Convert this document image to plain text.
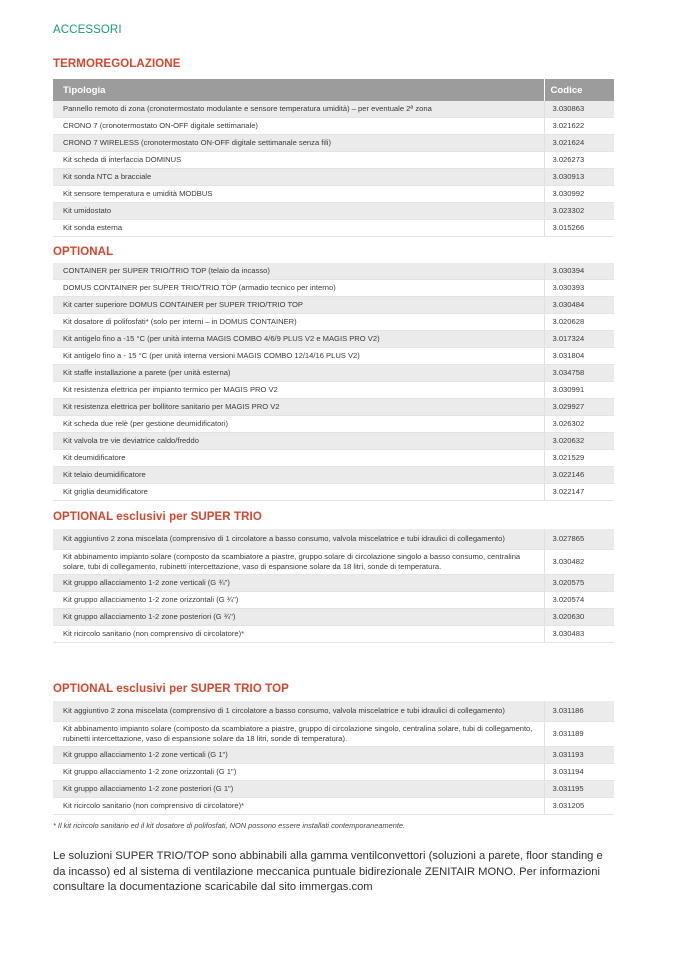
ACCESSORI
TERMOREGOLAZIONE
Tipologia	Codice
Pannello remoto di zona (cronotermostato modulante e sensore temperatura umidità) – per eventuale 2ª zona	3.030863
CRONO 7 (cronotermostato ON-OFF digitale settimanale)	3.021622
CRONO 7 WIRELESS (cronotermostato ON-OFF digitale settimanale senza fili)	3.021624
Kit scheda di interfaccia DOMINUS	3.026273
Kit sonda NTC a bracciale	3.030913
Kit sensore temperatura e umidità MODBUS	3.030992
Kit umidostato	3.023302
Kit sonda esterna	3.015266
OPTIONAL
CONTAINER per SUPER TRIO/TRIO TOP (telaio da incasso)	3.030394
DOMUS CONTAINER per SUPER TRIO/TRIO TOP (armadio tecnico per interno)	3.030393
Kit carter superiore DOMUS CONTAINER per SUPER TRIO/TRIO TOP	3.030484
Kit dosatore di polifosfati* (solo per interni – in DOMUS CONTAINER)	3.020628
Kit antigelo fino a -15 °C (per unità interna MAGIS COMBO 4/6/9 PLUS V2 e MAGIS PRO V2)	3.017324
Kit antigelo fino a - 15 °C (per unità interna versioni MAGIS COMBO 12/14/16 PLUS V2)	3.031804
Kit staffe installazione a parete (per unità esterna)	3.034758
Kit resistenza elettrica per impianto termico per MAGIS PRO V2	3.030991
Kit resistenza elettrica per bollitore sanitario per MAGIS PRO V2	3.029927
Kit scheda due relè (per gestione deumidificatori)	3.026302
Kit valvola tre vie deviatrice caldo/freddo	3.020632
Kit deumidificatore	3.021529
Kit telaio deumidificatore	3.022146
Kit griglia deumidificatore	3.022147
OPTIONAL esclusivi per SUPER TRIO
Kit aggiuntivo 2 zona miscelata (comprensivo di 1 circolatore a basso consumo, valvola miscelatrice e tubi idraulici di collegamento)	3.027865
Kit abbinamento impianto solare (composto da scambiatore a piastre, gruppo solare di circolazione singolo a basso consumo, centralina solare, tubi di collegamento, rubinetti intercettazione, vaso di espansione solare da 18 litri, sonde di temperatura.	3.030482
Kit gruppo allacciamento 1-2 zone verticali (G ¾")	3.020575
Kit gruppo allacciamento 1-2 zone orizzontali (G ¾")	3.020574
Kit gruppo allacciamento 1-2 zone posteriori (G ¾")	3.020630
Kit ricircolo sanitario (non comprensivo di circolatore)*	3.030483
OPTIONAL esclusivi per SUPER TRIO TOP
Kit aggiuntivo 2 zona miscelata (comprensivo di 1 circolatore a basso consumo, valvola miscelatrice e tubi idraulici di collegamento)	3.031186
Kit abbinamento impianto solare (composto da scambiatore a piastre, gruppo di circolazione singolo, centralina solare, tubi di collegamento, rubinetti intercettazione, vaso di espansione solare da 18 litri, sonde di temperatura).	3.031189
Kit gruppo allacciamento 1-2 zone verticali (G 1")	3.031193
Kit gruppo allacciamento 1-2 zone orizzontali (G 1")	3.031194
Kit gruppo allacciamento 1-2 zone posteriori (G 1")	3.031195
Kit ricircolo sanitario (non comprensivo di circolatore)*	3.031205
* Il kit ricircolo sanitario ed il kit dosatore di polifosfati, NON possono essere installati contemporaneamente.
Le soluzioni SUPER TRIO/TOP sono abbinabili alla gamma ventilconvettori (soluzioni a parete, floor standing e da incasso) ed al sistema di ventilazione meccanica puntuale bidirezionale ZENITAIR MONO. Per informazioni consultare la documentazione scaricabile dal sito immergas.com
